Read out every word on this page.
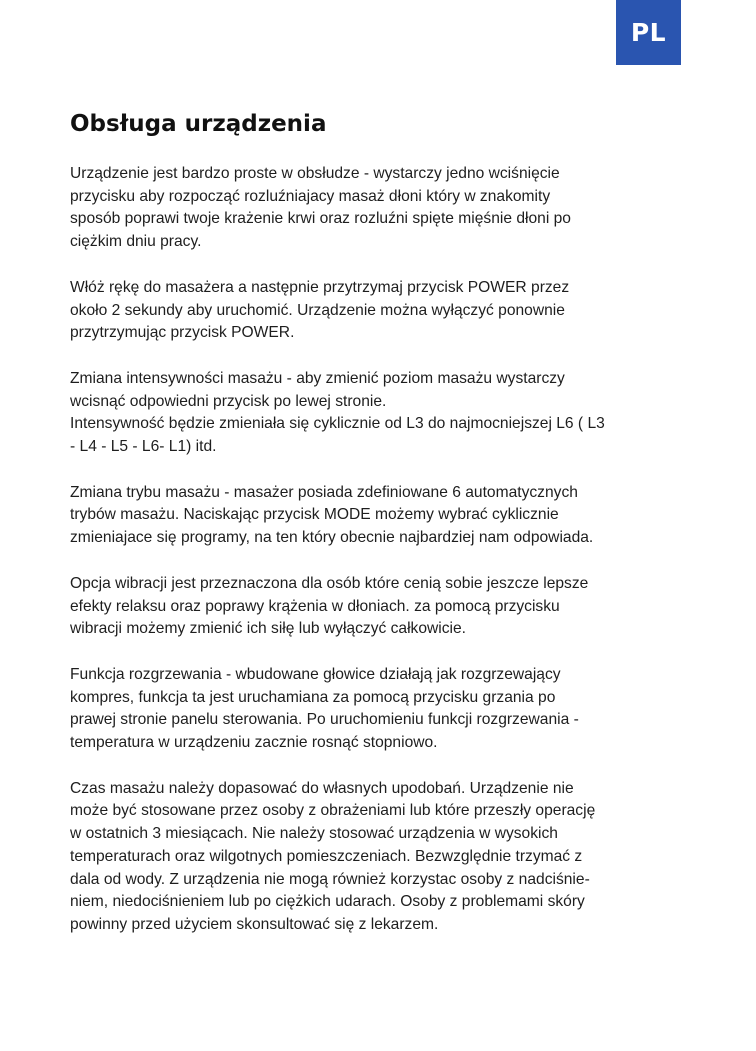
PL
Obsługa urządzenia

Urządzenie jest bardzo proste w obsłudze - wystarczy jedno wciśnięcie
przycisku aby rozpocząć rozluźniajacy masaż dłoni który w znakomity
sposób poprawi twoje krażenie krwi oraz rozluźni spięte mięśnie dłoni po
ciężkim dniu pracy.

Włóż rękę do masażera a następnie przytrzymaj przycisk POWER przez
około 2 sekundy aby uruchomić. Urządzenie można wyłączyć ponownie
przytrzymując przycisk POWER.

Zmiana intensywności masażu - aby zmienić poziom masażu wystarczy
wcisnąć odpowiedni przycisk po lewej stronie.
Intensywność będzie zmieniała się cyklicznie od L3 do najmocniejszej L6 ( L3
- L4 - L5 - L6- L1) itd.

Zmiana trybu masażu - masażer posiada zdefiniowane 6 automatycznych
trybów masażu. Naciskając przycisk MODE możemy wybrać cyklicznie
zmieniajace się programy, na ten który obecnie najbardziej nam odpowiada.

Opcja wibracji jest przeznaczona dla osób które cenią sobie jeszcze lepsze
efekty relaksu oraz poprawy krążenia w dłoniach. za pomocą przycisku
wibracji możemy zmienić ich siłę lub wyłączyć całkowicie.

Funkcja rozgrzewania - wbudowane głowice działają jak rozgrzewający
kompres, funkcja ta jest uruchamiana za pomocą przycisku grzania po
prawej stronie panelu sterowania. Po uruchomieniu funkcji rozgrzewania -
temperatura w urządzeniu zacznie rosnąć stopniowo.

Czas masażu należy dopasować do własnych upodobań. Urządzenie nie
może być stosowane przez osoby z obrażeniami lub które przeszły operację
w ostatnich 3 miesiącach. Nie należy stosować urządzenia w wysokich
temperaturach oraz wilgotnych pomieszczeniach. Bezwzględnie trzymać z
dala od wody. Z urządzenia nie mogą również korzystac osoby z nadciśnie-
niem, niedociśnieniem lub po ciężkich udarach. Osoby z problemami skóry
powinny przed użyciem skonsultować się z lekarzem.
